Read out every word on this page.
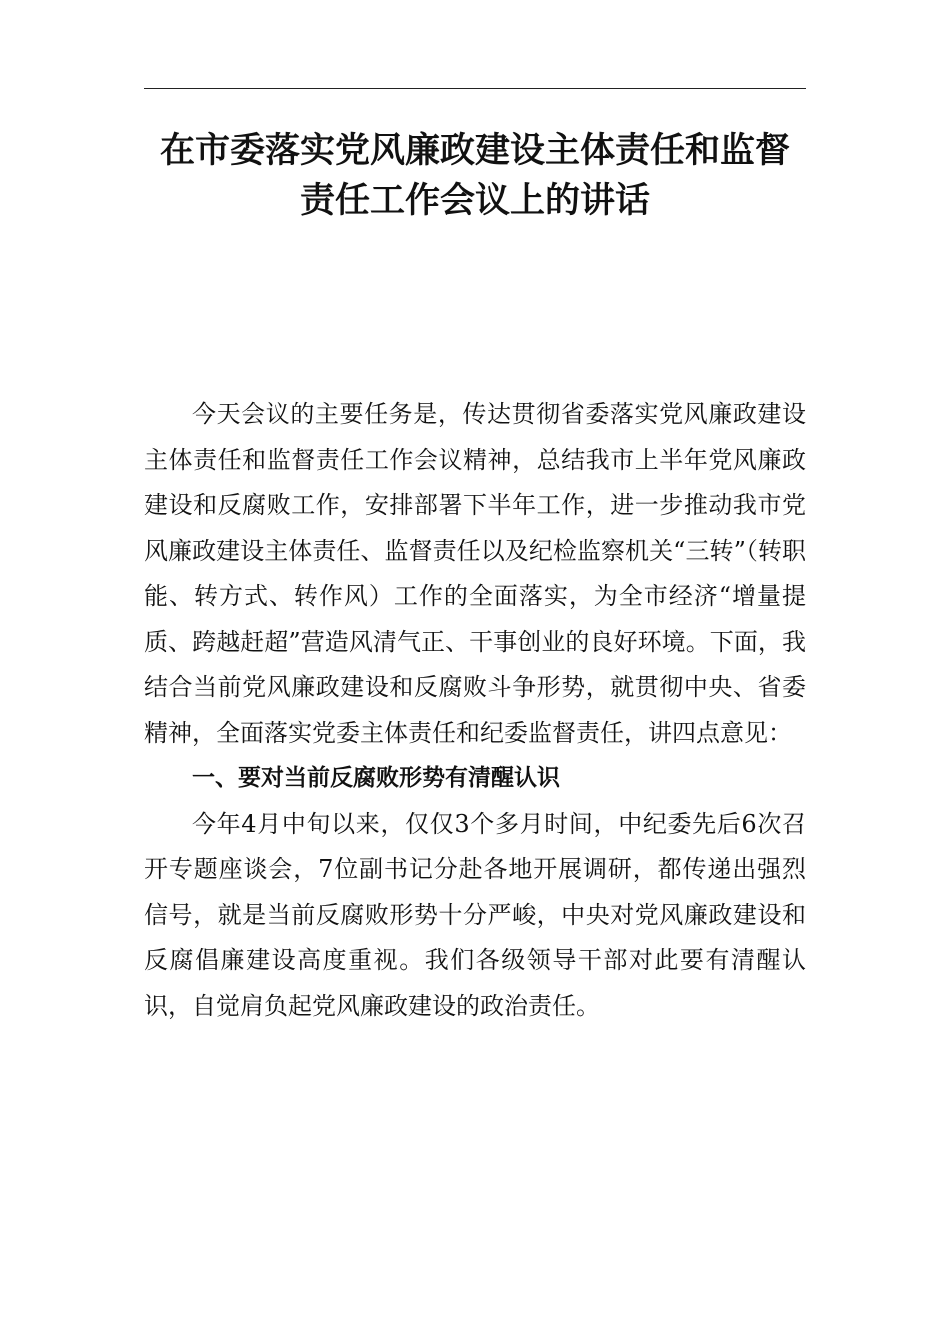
在市委落实党风廉政建设主体责任和监督
责任工作会议上的讲话

今天会议的主要任务是，传达贯彻省委落实党风廉政建设主体责任和监督责任工作会议精神，总结我市上半年党风廉政建设和反腐败工作，安排部署下半年工作，进一步推动我市党风廉政建设主体责任、监督责任以及纪检监察机关“三转”（转职能、转方式、转作风）工作的全面落实，为全市经济“增量提质、跨越赶超”营造风清气正、干事创业的良好环境。下面，我结合当前党风廉政建设和反腐败斗争形势，就贯彻中央、省委精神，全面落实党委主体责任和纪委监督责任，讲四点意见：

一、要对当前反腐败形势有清醒认识

今年4月中旬以来，仅仅3个多月时间，中纪委先后6次召开专题座谈会，7位副书记分赴各地开展调研，都传递出强烈信号，就是当前反腐败形势十分严峻，中央对党风廉政建设和反腐倡廉建设高度重视。我们各级领导干部对此要有清醒认识，自觉肩负起党风廉政建设的政治责任。
